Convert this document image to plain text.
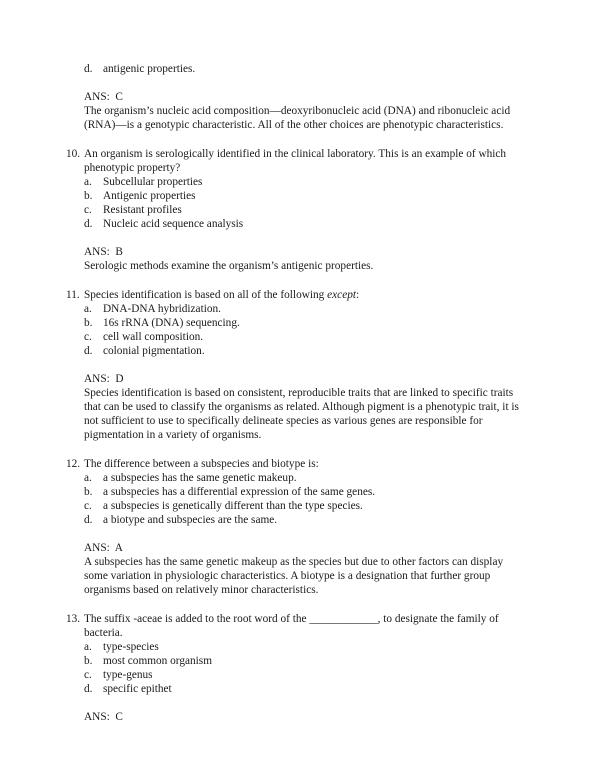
d. antigenic properties.
ANS:  C
The organism’s nucleic acid composition—deoxyribonucleic acid (DNA) and ribonucleic acid (RNA)—is a genotypic characteristic. All of the other choices are phenotypic characteristics.
10. An organism is serologically identified in the clinical laboratory. This is an example of which phenotypic property?
a. Subcellular properties
b. Antigenic properties
c. Resistant profiles
d. Nucleic acid sequence analysis
ANS:  B
Serologic methods examine the organism’s antigenic properties.
11. Species identification is based on all of the following except:
a. DNA-DNA hybridization.
b. 16s rRNA (DNA) sequencing.
c. cell wall composition.
d. colonial pigmentation.
ANS:  D
Species identification is based on consistent, reproducible traits that are linked to specific traits that can be used to classify the organisms as related. Although pigment is a phenotypic trait, it is not sufficient to use to specifically delineate species as various genes are responsible for pigmentation in a variety of organisms.
12. The difference between a subspecies and biotype is:
a. a subspecies has the same genetic makeup.
b. a subspecies has a differential expression of the same genes.
c. a subspecies is genetically different than the type species.
d. a biotype and subspecies are the same.
ANS:  A
A subspecies has the same genetic makeup as the species but due to other factors can display some variation in physiologic characteristics. A biotype is a designation that further group organisms based on relatively minor characteristics.
13. The suffix -aceae is added to the root word of the _____________, to designate the family of bacteria.
a. type-species
b. most common organism
c. type-genus
d. specific epithet
ANS:  C
